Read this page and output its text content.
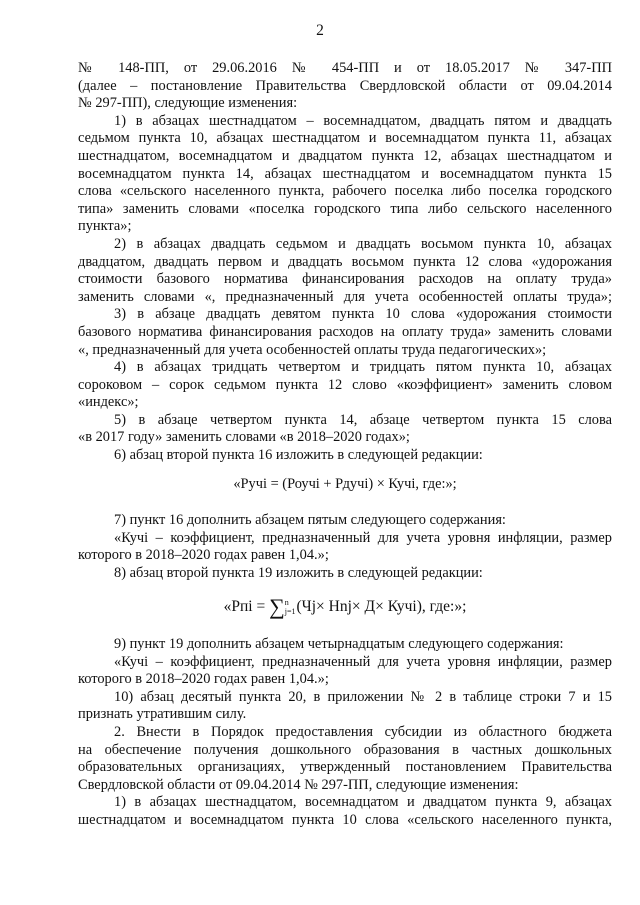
2
№ 148-ПП, от 29.06.2016 № 454-ПП и от 18.05.2017 № 347-ПП
(далее – постановление Правительства Свердловской области от 09.04.2014
№ 297-ПП), следующие изменения:
1) в абзацах шестнадцатом – восемнадцатом, двадцать пятом и двадцать
седьмом пункта 10, абзацах шестнадцатом и восемнадцатом пункта 11, абзацах
шестнадцатом, восемнадцатом и двадцатом пункта 12, абзацах шестнадцатом и
восемнадцатом пункта 14, абзацах шестнадцатом и восемнадцатом пункта 15
слова «сельского населенного пункта, рабочего поселка либо поселка городского
типа» заменить словами «поселка городского типа либо сельского населенного
пункта»;
2) в абзацах двадцать седьмом и двадцать восьмом пункта 10, абзацах
двадцатом, двадцать первом и двадцать восьмом пункта 12 слова «удорожания
стоимости базового норматива финансирования расходов на оплату труда»
заменить словами «, предназначенный для учета особенностей оплаты труда»;
3) в абзаце двадцать девятом пункта 10 слова «удорожания стоимости
базового норматива финансирования расходов на оплату труда» заменить словами
«, предназначенный для учета особенностей оплаты труда педагогических»;
4) в абзацах тридцать четвертом и тридцать пятом пункта 10, абзацах
сороковом – сорок седьмом пункта 12 слово «коэффициент» заменить словом
«индекс»;
5) в абзаце четвертом пункта 14, абзаце четвертом пункта 15 слова
«в 2017 году» заменить словами «в 2018–2020 годах»;
6) абзац второй пункта 16 изложить в следующей редакции:
«Ручi = (Роучi + Рдучi) × Кучi, где:»;
7) пункт 16 дополнить абзацем пятым следующего содержания:
«Кучi – коэффициент, предназначенный для учета уровня инфляции, размер
которого в 2018–2020 годах равен 1,04.»;
8) абзац второй пункта 19 изложить в следующей редакции:
«Рпi = ∑ n
j=1 (Чj× Нnj× Д× Кучi), где:»;
9) пункт 19 дополнить абзацем четырнадцатым следующего содержания:
«Кучi – коэффициент, предназначенный для учета уровня инфляции, размер
которого в 2018–2020 годах равен 1,04.»;
10) абзац десятый пункта 20, в приложении № 2 в таблице строки 7 и 15
признать утратившим силу.
2. Внести в Порядок предоставления субсидии из областного бюджета
на обеспечение получения дошкольного образования в частных дошкольных
образовательных организациях, утвержденный постановлением Правительства
Свердловской области от 09.04.2014 № 297-ПП, следующие изменения:
1) в абзацах шестнадцатом, восемнадцатом и двадцатом пункта 9, абзацах
шестнадцатом и восемнадцатом пункта 10 слова «сельского населенного пункта,
